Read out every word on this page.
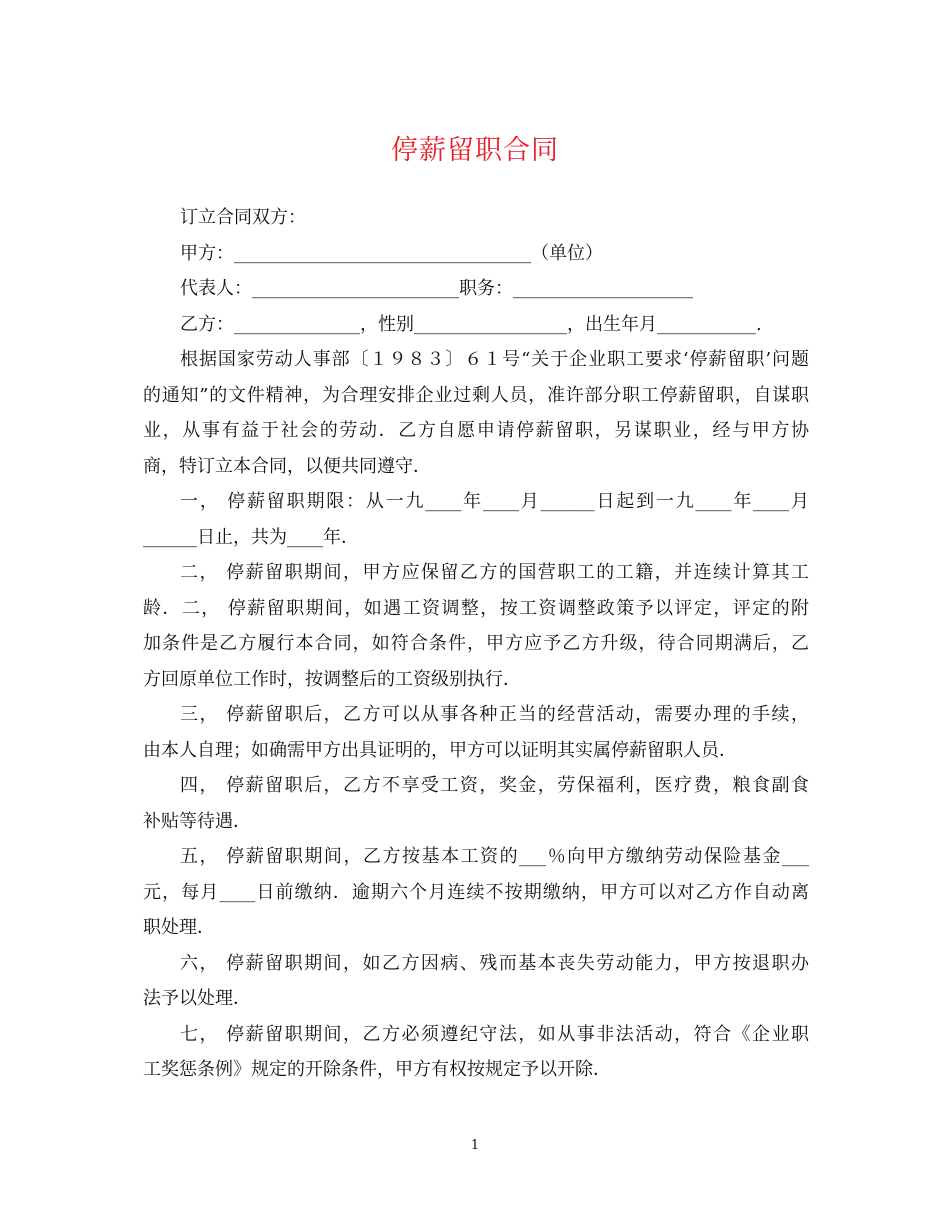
停薪留职合同

订立合同双方：

甲方：_________________________________（单位）

代表人：_______________________职务：____________________

乙方：______________，性别_________________，出生年月___________.

根据国家劳动人事部〔１９８３〕６１号“关于企业职工要求‘停薪留职’问题

的通知”的文件精神，为合理安排企业过剩人员，准许部分职工停薪留职，自谋职

业，从事有益于社会的劳动．乙方自愿申请停薪留职，另谋职业，经与甲方协

商，特订立本合同，以便共同遵守．

一， 停薪留职期限：从一九____年____月______日起到一九____年____月

______日止，共为____年．

二， 停薪留职期间，甲方应保留乙方的国营职工的工籍，并连续计算其工

龄．二， 停薪留职期间，如遇工资调整，按工资调整政策予以评定，评定的附

加条件是乙方履行本合同，如符合条件，甲方应予乙方升级，待合同期满后，乙

方回原单位工作时，按调整后的工资级别执行．

三， 停薪留职后，乙方可以从事各种正当的经营活动，需要办理的手续，

由本人自理；如确需甲方出具证明的，甲方可以证明其实属停薪留职人员．

四， 停薪留职后，乙方不享受工资，奖金，劳保福利，医疗费，粮食副食

补贴等待遇．

五， 停薪留职期间，乙方按基本工资的___％向甲方缴纳劳动保险基金___

元，每月____日前缴纳．逾期六个月连续不按期缴纳，甲方可以对乙方作自动离

职处理．

六， 停薪留职期间，如乙方因病、残而基本丧失劳动能力，甲方按退职办

法予以处理．

七， 停薪留职期间，乙方必须遵纪守法，如从事非法活动，符合《企业职

工奖惩条例》规定的开除条件，甲方有权按规定予以开除．

1
